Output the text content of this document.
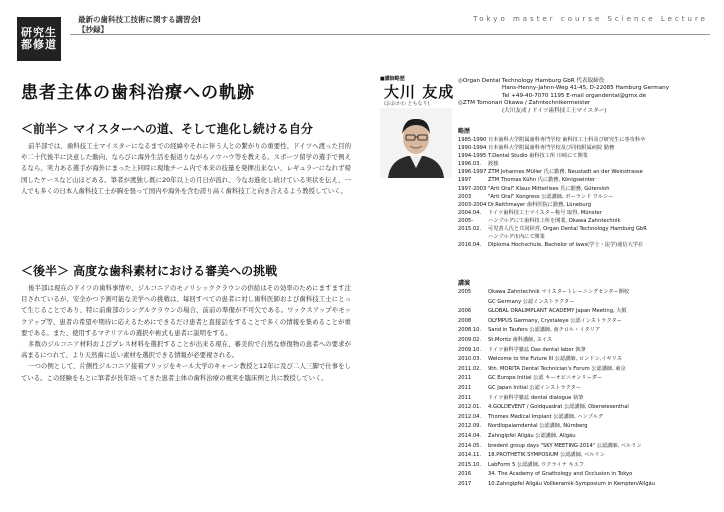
研究生都修道
最新の歯科技工技術に関する講習会Ⅰ
【抄録】
Tokyo master course Science Lecture
患者主体の歯科治療への軌跡
＜前半＞ マイスターへの道、そして進化し続ける自分

前半部では、歯科技工士マイスターになるまでの経緯やそれに伴う人との繋がりの重要性、ドイツへ渡った目的や二十代後半に決意した動向、ならびに海外生活を振返りながらノウハウ等を教える。スポーツ留学の選手で例えるなら、実力ある選手が海外にまった上同時に現地チーム内で本来の技量を発揮出来ない、レギュラーになれず帰国したケースなど山ほどある。筆者が渡独し既に20年以上の月日が流れ、今なお進化し続けている実状を伝え、一人でも多くの日本人歯科技工士が胸を張って国内や海外を含む誇り高く歯科技工と向き合えるよう教授していく。

＜後半＞ 高度な歯科素材における審美への挑戦

後半部は現在のドイツの歯科事情や、ジルコニアのモノリシッククラウンの供給はその効率のためにますます注目されているが、安全かつ予測可能な美学への挑戦は、毎回すべての患者に対し歯科医師および歯科技工士にとって生じることであり、特に前歯部のシングルクラウンの場合、前前の準備が不可欠である。ワックスアップやモックアップ等、患者の希望や期待に応えるためにできるだけ患者と直接話をすることで多くの情報を集めることが重要である。また、使用するマテリアルの選択や術式も患者に説明をする。

多数のジルコニア材料およびプレス材料を選択することが出来る現在、審美的で自然な修復物の患者への要求が高まるにつれて、より天然歯に近い素材を選択できる情報が必要視される。

一つの例として、片側性ジルコニア接着ブリッジをキール大学のキャーン教授と12年に及び二人三脚で仕事をしている。この経験をもとに筆者が長年培ってきた患者主体の歯科治療の視実を臨床例と共に教授していく。

■講師略歴
大川 友成
(おおかわ ともなり)
◎Organ Dental Technology Hamburg GbR 代表取締役
Hans-Henny-Jahnn-Weg 41-45, D-22085 Hamburg Germany
Tel +49-40-7070 1195 E-mail organdental@gmx.de
◎ZTM Tomonari Okawa / Zahntechnikermeister
(大川友成 / ドイツ歯科技工士マイスター)
略歴
1985-1990 日本歯科大学附属歯科専門学校 歯科技工士科及び研究生に専攻科卒
1990-1994 日本歯科大学附属歯科専門学校及び同校附属病院 勤務
1994-1995 T.Dental Studio 歯科技工所 川崎にて開業
1996.03.	渡独
1996-1997 ZTM Johannes Müller 氏に勤務, Neustadt an der Weinstrasse
1997	ZTM Thomas Kühn 氏に勤務, Königswinter
1997-2003 "Arti Oral" Klaus Mitterlises 氏に勤務, Gütersloh
2003	"Arti Oral" Kongress 公認講師, ボーランド ワルシー
2003-2004 Dr.Reithmayer 歯科医院に勤務, Lüneburg
2004.04.	ドイツ歯科技工士マイスター称号 取得, Münster
2005-	ハンブルグにて歯科技工所を開業, Okawa Zahntechnik
2015.02.	可児善人氏と共同経営, Organ Dental Technology Hamburg GbR
ハンブルグ市内にて開業
2016.04.	Diploma Hochschule, Bachelor of laws(学士・法学)通信大学在
講演
2005	Okawa Zahntechnik マイスタートレーニングセンター開校
GC Germany 公認インストラクター
2006	GLOBAL ORALIMPLANT ACADEMY Japan Meeting, 大阪
2008	OLYMPUS Germany, Crystaleye 公認インストラクター
2008.10.	Sand in Taufers 公認講師, 南チロル・イタリア
2009.02.	St.Moritz 歯科講師, スイス
2009.10.	ドイツ歯科学雑誌 Das dental labor 執筆
2010.03.	Welcome to the Future III 公認講師, ロンドン,イギリス
2011.02.	9th. MORITA Dental Technician's Forum 公認講師, 東京
2011	GC Europe Initial 公認 キーオピニオンリーダー
2011	GC Japan Initial 公認インストラクター
2011	ドイツ歯科学雑誌 dental dialogue 執筆
2012.01.	4.GOLDEVENT / Goldquadrat 公認講師, Oberwiesenthal
2012.04.	Thomes Medical Implant 公認講師, ハンブルグ
2012.09.	Nordlopaiamdental 公認講師, Nürnberg
2014.04.	Zahngipfel Allgäu 公認講師, Allgäu
2014.05.	bredent group days "SKY MEETING 2014" 公認講師, ベルリン
2014.11.	18.PROTHETIK SYMPOSIUM 公認講師, ベルリン
2015.10.	LabForm 5 公認講師, ウクライナ キエフ
2016	34. The Academy of Gnathology and Occlusion in Tokyo
2017	10.Zahngipfel Allgäu Vollkeramik-Symposium in Kempten/Allgäu
